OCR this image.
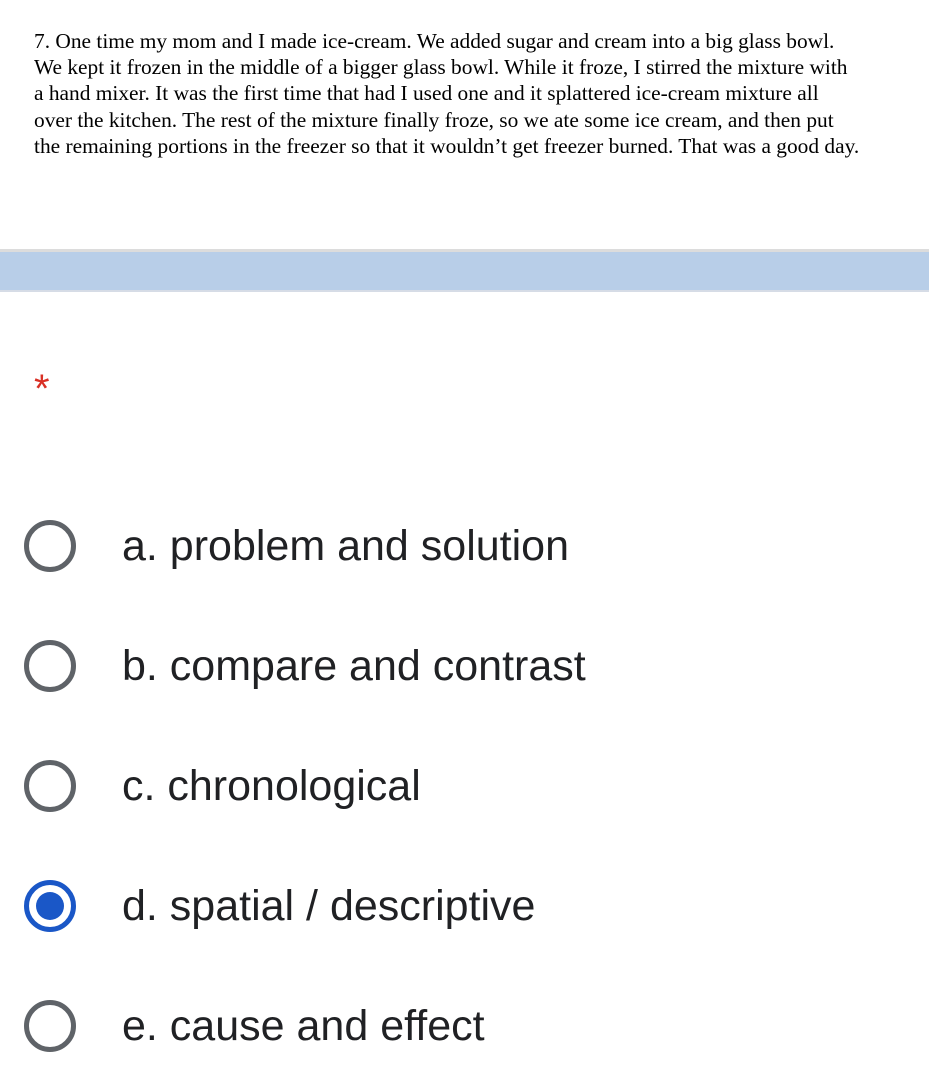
7. One time my mom and I made ice-cream. We added sugar and cream into a big glass bowl.
We kept it frozen in the middle of a bigger glass bowl. While it froze, I stirred the mixture with
a hand mixer. It was the first time that had I used one and it splattered ice-cream mixture all
over the kitchen. The rest of the mixture finally froze, so we ate some ice cream, and then put
the remaining portions in the freezer so that it wouldn’t get freezer burned. That was a good day.
*
a. problem and solution
b. compare and contrast
c. chronological
d. spatial / descriptive
e. cause and effect
